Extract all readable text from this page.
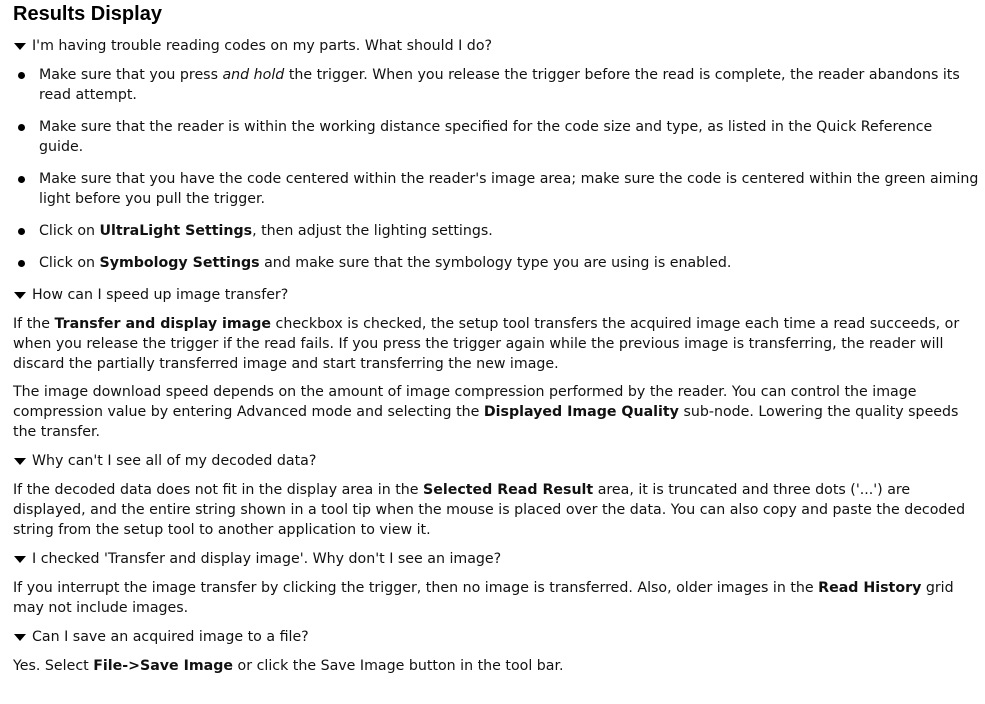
Results Display
I'm having trouble reading codes on my parts. What should I do?
Make sure that you press and hold the trigger. When you release the trigger before the read is complete, the reader abandons its read attempt.
Make sure that the reader is within the working distance specified for the code size and type, as listed in the Quick Reference guide.
Make sure that you have the code centered within the reader's image area; make sure the code is centered within the green aiming light before you pull the trigger.
Click on UltraLight Settings, then adjust the lighting settings.
Click on Symbology Settings and make sure that the symbology type you are using is enabled.
How can I speed up image transfer?

If the Transfer and display image checkbox is checked, the setup tool transfers the acquired image each time a read succeeds, or when you release the trigger if the read fails. If you press the trigger again while the previous image is transferring, the reader will discard the partially transferred image and start transferring the new image.

The image download speed depends on the amount of image compression performed by the reader. You can control the image compression value by entering Advanced mode and selecting the Displayed Image Quality sub-node. Lowering the quality speeds the transfer.

Why can't I see all of my decoded data?

If the decoded data does not fit in the display area in the Selected Read Result area, it is truncated and three dots ('...') are displayed, and the entire string shown in a tool tip when the mouse is placed over the data. You can also copy and paste the decoded string from the setup tool to another application to view it.

I checked 'Transfer and display image'. Why don't I see an image?

If you interrupt the image transfer by clicking the trigger, then no image is transferred. Also, older images in the Read History grid may not include images.

Can I save an acquired image to a file?

Yes. Select File->Save Image or click the Save Image button in the tool bar.
